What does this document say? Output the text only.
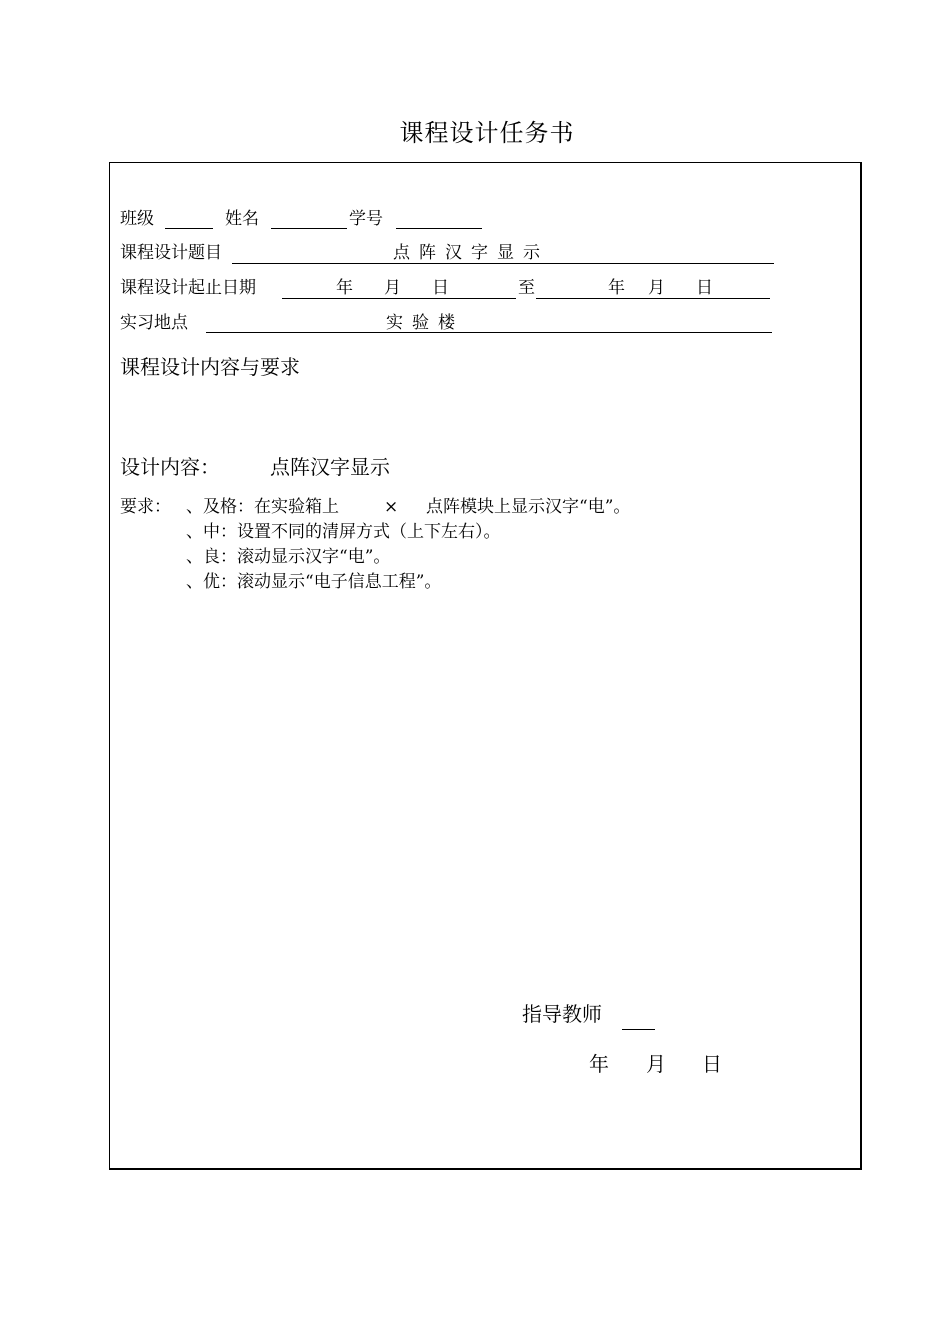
课程设计任务书
班级	姓名	学号
课程设计题目	点阵汉字显示
课程设计起止日期	年 月 日	至	年 月 日
实习地点	实验楼
课程设计内容与要求
设计内容：	点阵汉字显示
要求： 、及格：在实验箱上	× 点阵模块上显示汉字“电”。
、中：设置不同的清屏方式（上下左右）。
、良：滚动显示汉字“电”。
、优：滚动显示“电子信息工程”。
指导教师
年 月 日
